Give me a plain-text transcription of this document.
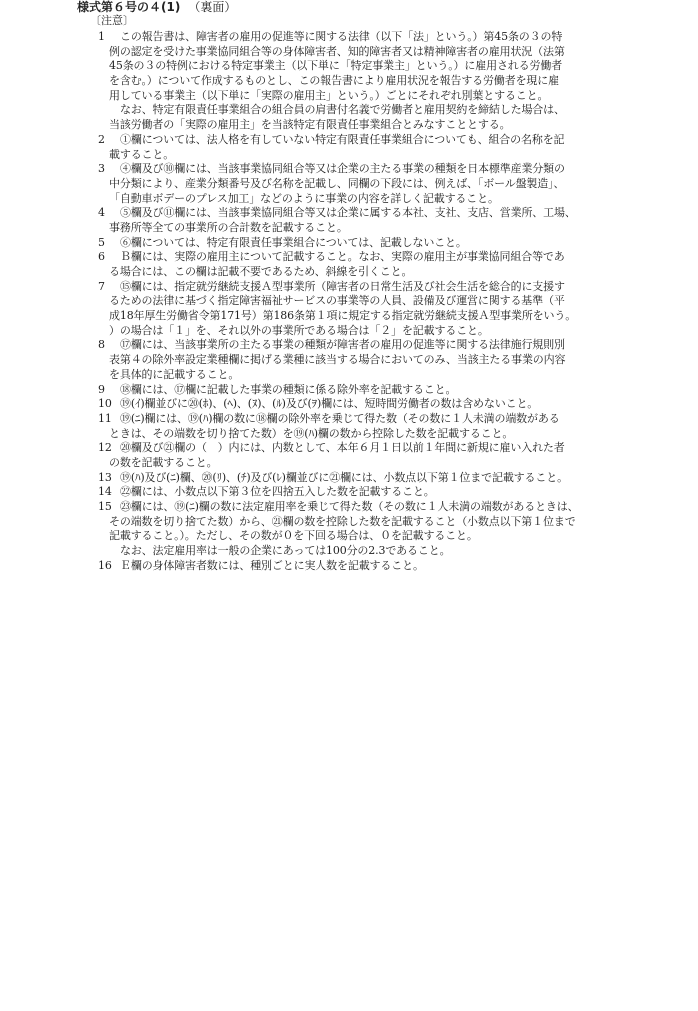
様式第６号の４(1) （裏面）
〔注意〕
1 この報告書は、障害者の雇用の促進等に関する法律（以下「法」という。）第45条の３の特
例の認定を受けた事業協同組合等の身体障害者、知的障害者又は精神障害者の雇用状況（法第
45条の３の特例における特定事業主（以下単に「特定事業主」という。）に雇用される労働者
を含む。）について作成するものとし、この報告書により雇用状況を報告する労働者を現に雇
用している事業主（以下単に「実際の雇用主」という。）ごとにそれぞれ別葉とすること。
なお、特定有限責任事業組合の組合員の肩書付名義で労働者と雇用契約を締結した場合は、
当該労働者の「実際の雇用主」を当該特定有限責任事業組合とみなすこととする。
2 ①欄については、法人格を有していない特定有限責任事業組合についても、組合の名称を記
載すること。
3 ④欄及び⑩欄には、当該事業協同組合等又は企業の主たる事業の種類を日本標準産業分類の
中分類により、産業分類番号及び名称を記載し、同欄の下段には、例えば、「ボール盤製造」、
「自動車ボデーのプレス加工」などのように事業の内容を詳しく記載すること。
4 ⑤欄及び⑪欄には、当該事業協同組合等又は企業に属する本社、支社、支店、営業所、工場、
事務所等全ての事業所の合計数を記載すること。
5 ⑥欄については、特定有限責任事業組合については、記載しないこと。
6 Ｂ欄には、実際の雇用主について記載すること。なお、実際の雇用主が事業協同組合等であ
る場合には、この欄は記載不要であるため、斜線を引くこと。
7 ⑮欄には、指定就労継続支援Ａ型事業所（障害者の日常生活及び社会生活を総合的に支援す
るための法律に基づく指定障害福祉サービスの事業等の人員、設備及び運営に関する基準（平
成18年厚生労働省令第171号）第186条第１項に規定する指定就労継続支援Ａ型事業所をいう。
）の場合は「１」を、それ以外の事業所である場合は「２」を記載すること。
8 ⑰欄には、当該事業所の主たる事業の種類が障害者の雇用の促進等に関する法律施行規則別
表第４の除外率設定業種欄に掲げる業種に該当する場合においてのみ、当該主たる事業の内容
を具体的に記載すること。
9 ⑱欄には、⑰欄に記載した事業の種類に係る除外率を記載すること。
10 ⑲(ｲ)欄並びに⑳(ﾎ)、(ﾍ)、(ﾇ)、(ﾙ)及び(ｦ)欄には、短時間労働者の数は含めないこと。
11 ⑲(ﾆ)欄には、⑲(ﾊ)欄の数に⑱欄の除外率を乗じて得た数（その数に１人未満の端数がある
ときは、その端数を切り捨てた数）を⑲(ﾊ)欄の数から控除した数を記載すること。
12 ⑳欄及び㉑欄の（　）内には、内数として、本年６月１日以前１年間に新規に雇い入れた者
の数を記載すること。
13 ⑲(ﾊ)及び(ﾆ)欄、⑳(ﾘ)、(ﾁ)及び(ﾚ)欄並びに㉑欄には、小数点以下第１位まで記載すること。
14 ㉒欄には、小数点以下第３位を四捨五入した数を記載すること。
15 ㉓欄には、⑲(ﾆ)欄の数に法定雇用率を乗じて得た数（その数に１人未満の端数があるときは、
その端数を切り捨てた数）から、㉑欄の数を控除した数を記載すること（小数点以下第１位まで
記載すること。）。ただし、その数が０を下回る場合は、０を記載すること。
なお、法定雇用率は一般の企業にあっては100分の2.3であること。
16 Ｅ欄の身体障害者数には、種別ごとに実人数を記載すること。
